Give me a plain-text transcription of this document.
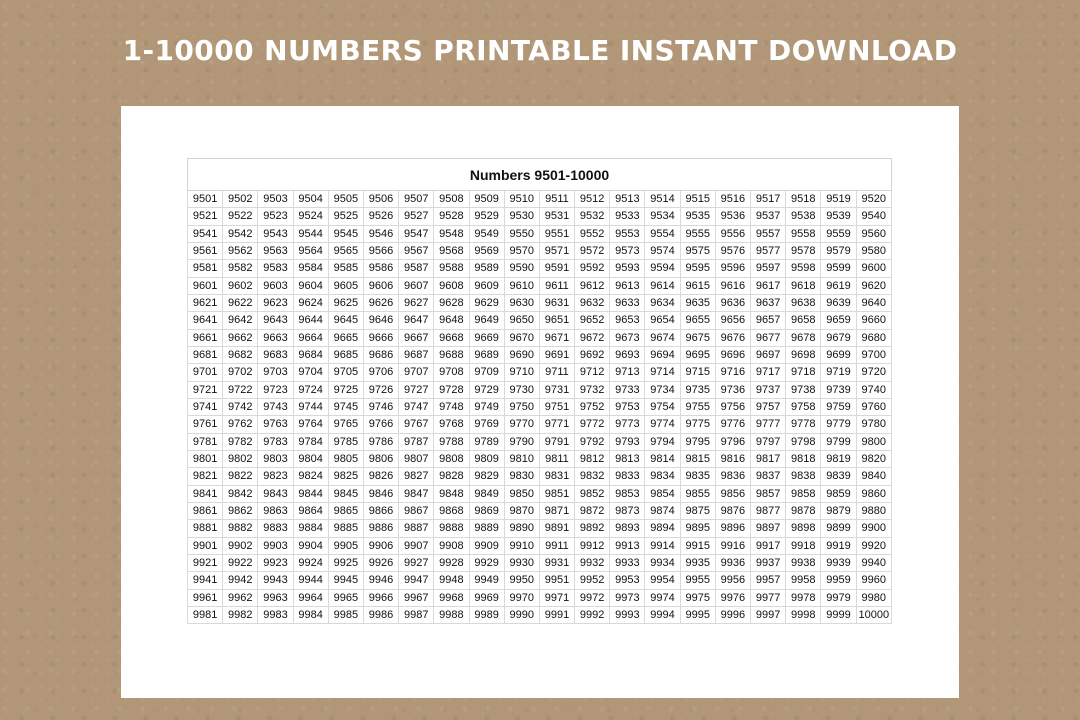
1-10000 NUMBERS PRINTABLE INSTANT DOWNLOAD
Numbers 9501-10000																			
9501	9502	9503	9504	9505	9506	9507	9508	9509	9510	9511	9512	9513	9514	9515	9516	9517	9518	9519	9520
9521	9522	9523	9524	9525	9526	9527	9528	9529	9530	9531	9532	9533	9534	9535	9536	9537	9538	9539	9540
9541	9542	9543	9544	9545	9546	9547	9548	9549	9550	9551	9552	9553	9554	9555	9556	9557	9558	9559	9560
9561	9562	9563	9564	9565	9566	9567	9568	9569	9570	9571	9572	9573	9574	9575	9576	9577	9578	9579	9580
9581	9582	9583	9584	9585	9586	9587	9588	9589	9590	9591	9592	9593	9594	9595	9596	9597	9598	9599	9600
9601	9602	9603	9604	9605	9606	9607	9608	9609	9610	9611	9612	9613	9614	9615	9616	9617	9618	9619	9620
9621	9622	9623	9624	9625	9626	9627	9628	9629	9630	9631	9632	9633	9634	9635	9636	9637	9638	9639	9640
9641	9642	9643	9644	9645	9646	9647	9648	9649	9650	9651	9652	9653	9654	9655	9656	9657	9658	9659	9660
9661	9662	9663	9664	9665	9666	9667	9668	9669	9670	9671	9672	9673	9674	9675	9676	9677	9678	9679	9680
9681	9682	9683	9684	9685	9686	9687	9688	9689	9690	9691	9692	9693	9694	9695	9696	9697	9698	9699	9700
9701	9702	9703	9704	9705	9706	9707	9708	9709	9710	9711	9712	9713	9714	9715	9716	9717	9718	9719	9720
9721	9722	9723	9724	9725	9726	9727	9728	9729	9730	9731	9732	9733	9734	9735	9736	9737	9738	9739	9740
9741	9742	9743	9744	9745	9746	9747	9748	9749	9750	9751	9752	9753	9754	9755	9756	9757	9758	9759	9760
9761	9762	9763	9764	9765	9766	9767	9768	9769	9770	9771	9772	9773	9774	9775	9776	9777	9778	9779	9780
9781	9782	9783	9784	9785	9786	9787	9788	9789	9790	9791	9792	9793	9794	9795	9796	9797	9798	9799	9800
9801	9802	9803	9804	9805	9806	9807	9808	9809	9810	9811	9812	9813	9814	9815	9816	9817	9818	9819	9820
9821	9822	9823	9824	9825	9826	9827	9828	9829	9830	9831	9832	9833	9834	9835	9836	9837	9838	9839	9840
9841	9842	9843	9844	9845	9846	9847	9848	9849	9850	9851	9852	9853	9854	9855	9856	9857	9858	9859	9860
9861	9862	9863	9864	9865	9866	9867	9868	9869	9870	9871	9872	9873	9874	9875	9876	9877	9878	9879	9880
9881	9882	9883	9884	9885	9886	9887	9888	9889	9890	9891	9892	9893	9894	9895	9896	9897	9898	9899	9900
9901	9902	9903	9904	9905	9906	9907	9908	9909	9910	9911	9912	9913	9914	9915	9916	9917	9918	9919	9920
9921	9922	9923	9924	9925	9926	9927	9928	9929	9930	9931	9932	9933	9934	9935	9936	9937	9938	9939	9940
9941	9942	9943	9944	9945	9946	9947	9948	9949	9950	9951	9952	9953	9954	9955	9956	9957	9958	9959	9960
9961	9962	9963	9964	9965	9966	9967	9968	9969	9970	9971	9972	9973	9974	9975	9976	9977	9978	9979	9980
9981	9982	9983	9984	9985	9986	9987	9988	9989	9990	9991	9992	9993	9994	9995	9996	9997	9998	9999	10000
